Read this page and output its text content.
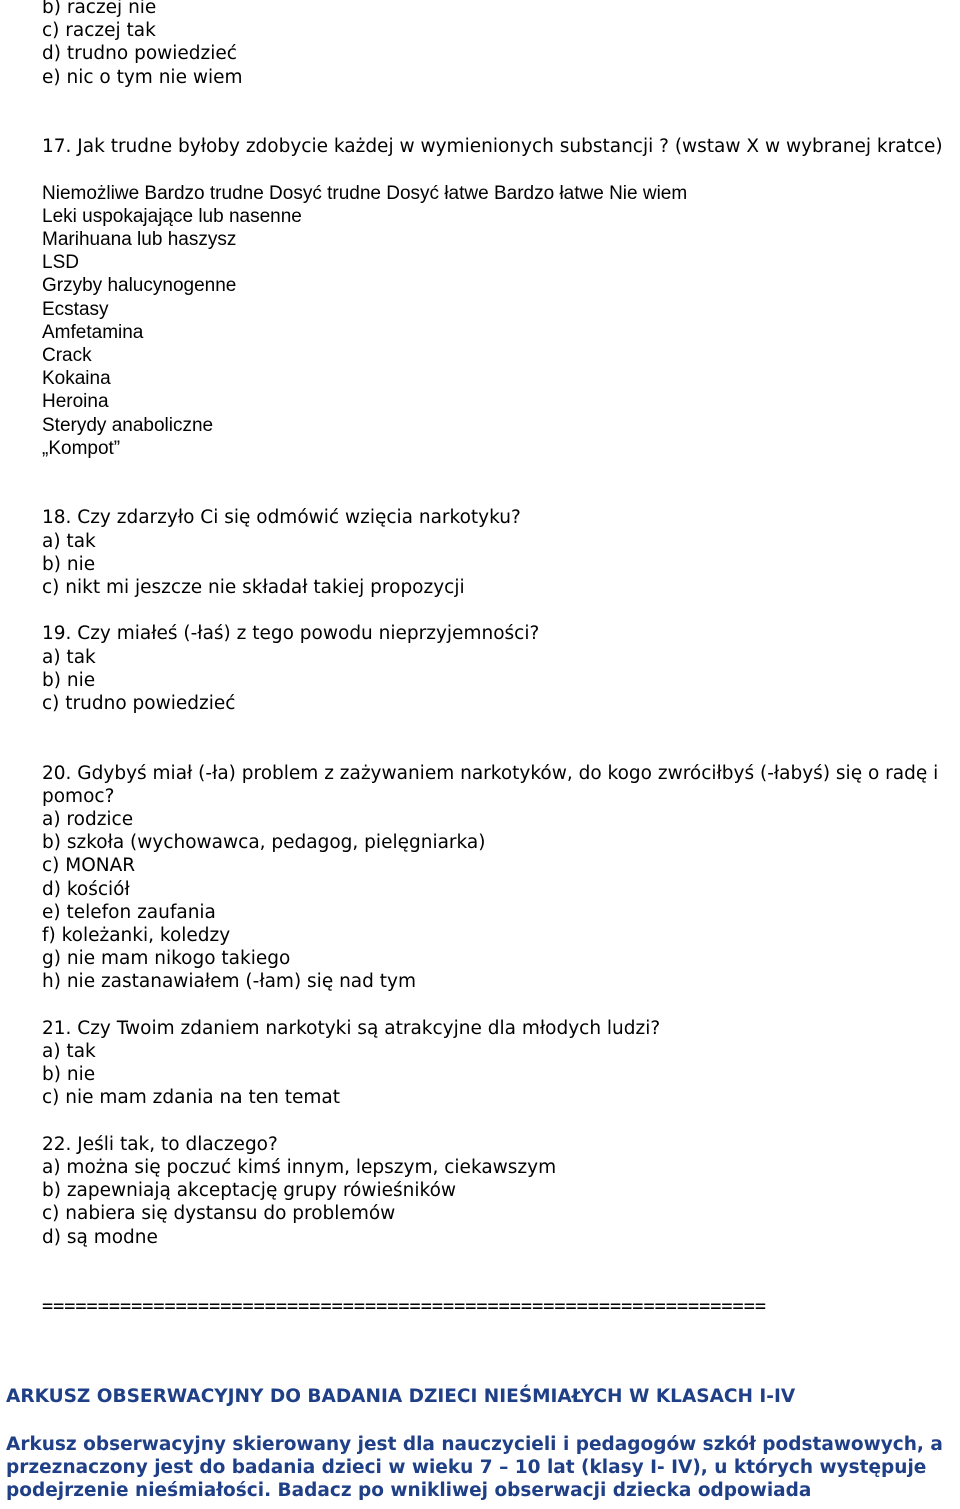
b) raczej nie
c) raczej tak
d) trudno powiedzieć
e) nic o tym nie wiem
17. Jak trudne byłoby zdobycie każdej w wymienionych substancji ? (wstaw X w wybranej kratce)
Niemożliwe Bardzo trudne Dosyć trudne Dosyć łatwe Bardzo łatwe Nie wiem
Leki uspokajające lub nasenne
Marihuana lub haszysz
LSD
Grzyby halucynogenne
Ecstasy
Amfetamina
Crack
Kokaina
Heroina
Sterydy anaboliczne
„Kompot”
18. Czy zdarzyło Ci się odmówić wzięcia narkotyku?
a) tak
b) nie
c) nikt mi jeszcze nie składał takiej propozycji
19. Czy miałeś (-łaś) z tego powodu nieprzyjemności?
a) tak
b) nie
c) trudno powiedzieć
20. Gdybyś miał (-ła) problem z zażywaniem narkotyków, do kogo zwróciłbyś (-łabyś) się o radę i pomoc?
a) rodzice
b) szkoła (wychowawca, pedagog, pielęgniarka)
c) MONAR
d) kościół
e) telefon zaufania
f) koleżanki, koledzy
g) nie mam nikogo takiego
h) nie zastanawiałem (-łam) się nad tym
21. Czy Twoim zdaniem narkotyki są atrakcyjne dla młodych ludzi?
a) tak
b) nie
c) nie mam zdania na ten temat
22. Jeśli tak, to dlaczego?
a) można się poczuć kimś innym, lepszym, ciekawszym
b) zapewniają akceptację grupy rówieśników
c) nabiera się dystansu do problemów
d) są modne
=================================================================
ARKUSZ OBSERWACYJNY DO BADANIA DZIECI NIEŚMIAŁYCH W KLASACH I-IV
Arkusz obserwacyjny skierowany jest dla nauczycieli i pedagogów szkół podstawowych, a przeznaczony jest do badania dzieci w wieku 7 – 10 lat (klasy I- IV), u których występuje podejrzenie nieśmiałości. Badacz po wnikliwej obserwacji dziecka odpowiada
